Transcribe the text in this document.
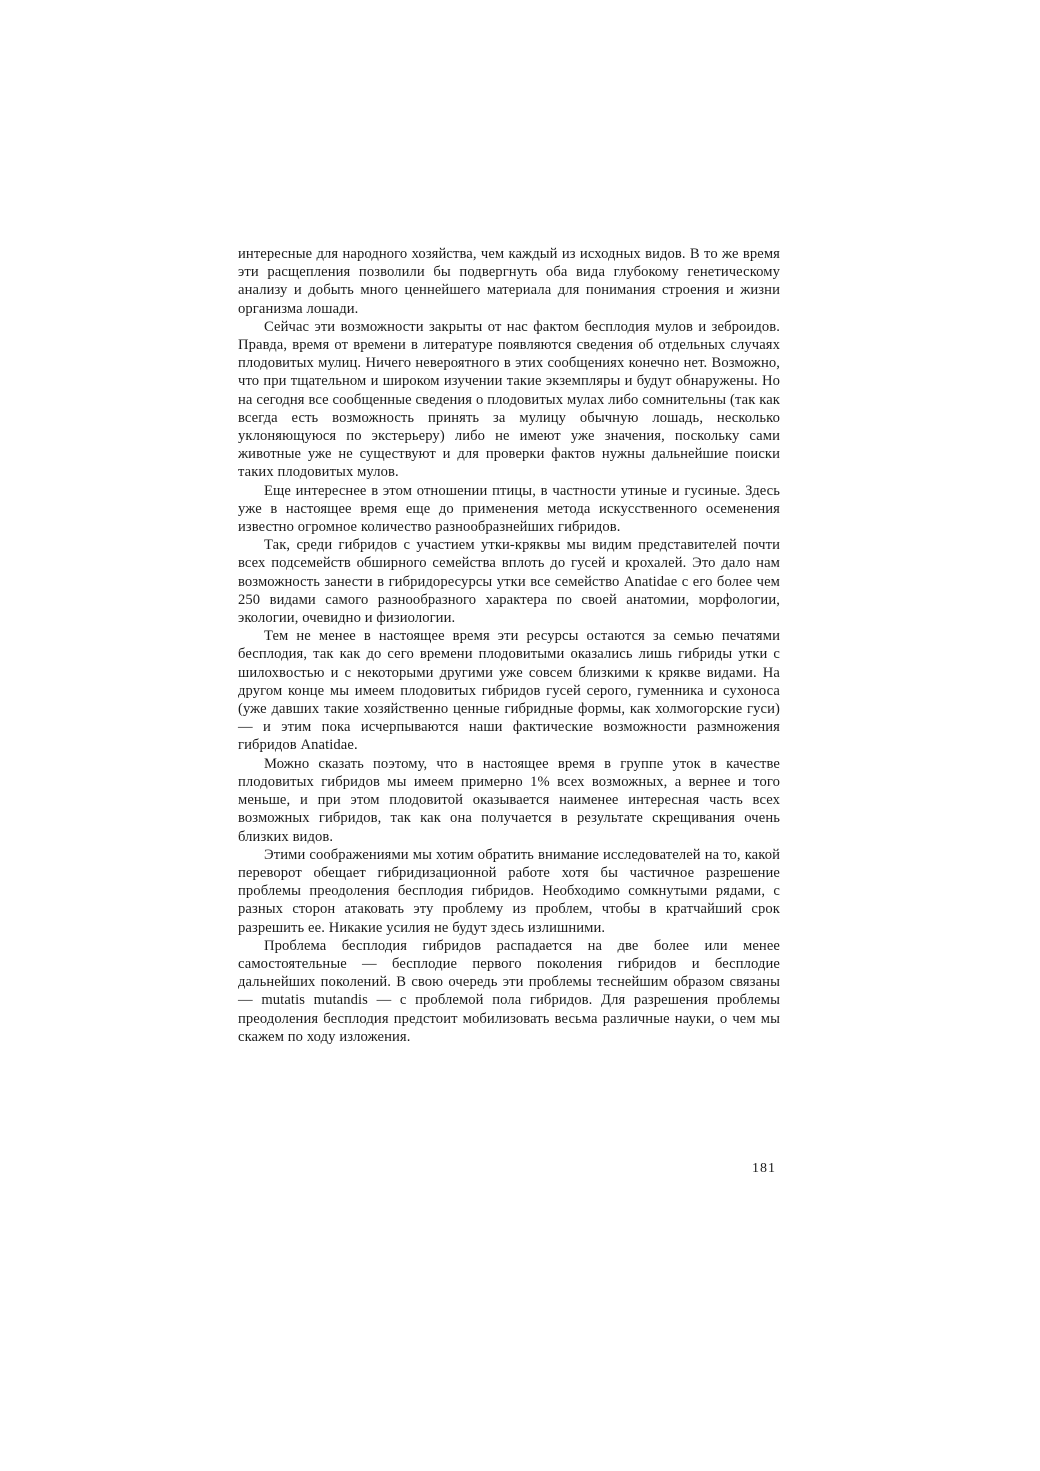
интересные для народного хозяйства, чем каждый из исходных видов. В то же время эти расщепления позволили бы подвергнуть оба вида глубокому генетическому анализу и добыть много ценнейшего материала для понимания строения и жизни организма лошади.

Сейчас эти возможности закрыты от нас фактом бесплодия мулов и зеброидов. Правда, время от времени в литературе появляются сведения об отдельных случаях плодовитых мулиц. Ничего невероятного в этих сообщениях конечно нет. Возможно, что при тщательном и широком изучении такие экземпляры и будут обнаружены. Но на сегодня все сообщенные сведения о плодовитых мулах либо сомнительны (так как всегда есть возможность принять за мулицу обычную лошадь, несколько уклоняющуюся по экстерьеру) либо не имеют уже значения, поскольку сами животные уже не существуют и для проверки фактов нужны дальнейшие поиски таких плодовитых мулов.

Еще интереснее в этом отношении птицы, в частности утиные и гусиные. Здесь уже в настоящее время еще до применения метода искусственного осеменения известно огромное количество разнообразнейших гибридов.

Так, среди гибридов с участием утки-кряквы мы видим представителей почти всех подсемейств обширного семейства вплоть до гусей и крохалей. Это дало нам возможность занести в гибридоресурсы утки все семейство Anatidae с его более чем 250 видами самого разнообразного характера по своей анатомии, морфологии, экологии, очевидно и физиологии.

Тем не менее в настоящее время эти ресурсы остаются за семью печатями бесплодия, так как до сего времени плодовитыми оказались лишь гибриды утки с шилохвостью и с некоторыми другими уже совсем близкими к кряквe видами. На другом конце мы имеем плодовитых гибридов гусей серого, гуменника и сухоноса (уже давших такие хозяйственно ценные гибридные формы, как холмогорские гуси) — и этим пока исчерпываются наши фактические возможности размножения гибридов Anatidae.

Можно сказать поэтому, что в настоящее время в группе уток в качестве плодовитых гибридов мы имеем примерно 1% всех возможных, а вернее и того меньше, и при этом плодовитой оказывается наименее интересная часть всех возможных гибридов, так как она получается в результате скрещивания очень близких видов.

Этими соображениями мы хотим обратить внимание исследователей на то, какой переворот обещает гибридизационной работе хотя бы частичное разрешение проблемы преодоления бесплодия гибридов. Необходимо сомкнутыми рядами, с разных сторон атаковать эту проблему из проблем, чтобы в кратчайший срок разрешить ее. Никакие усилия не будут здесь излишними.

Проблема бесплодия гибридов распадается на две более или менее самостоятельные — бесплодие первого поколения гибридов и бесплодие дальнейших поколений. В свою очередь эти проблемы теснейшим образом связаны — mutatis mutandis — с проблемой пола гибридов. Для разрешения проблемы преодоления бесплодия предстоит мобилизовать весьма различные науки, о чем мы скажем по ходу изложения.

181
